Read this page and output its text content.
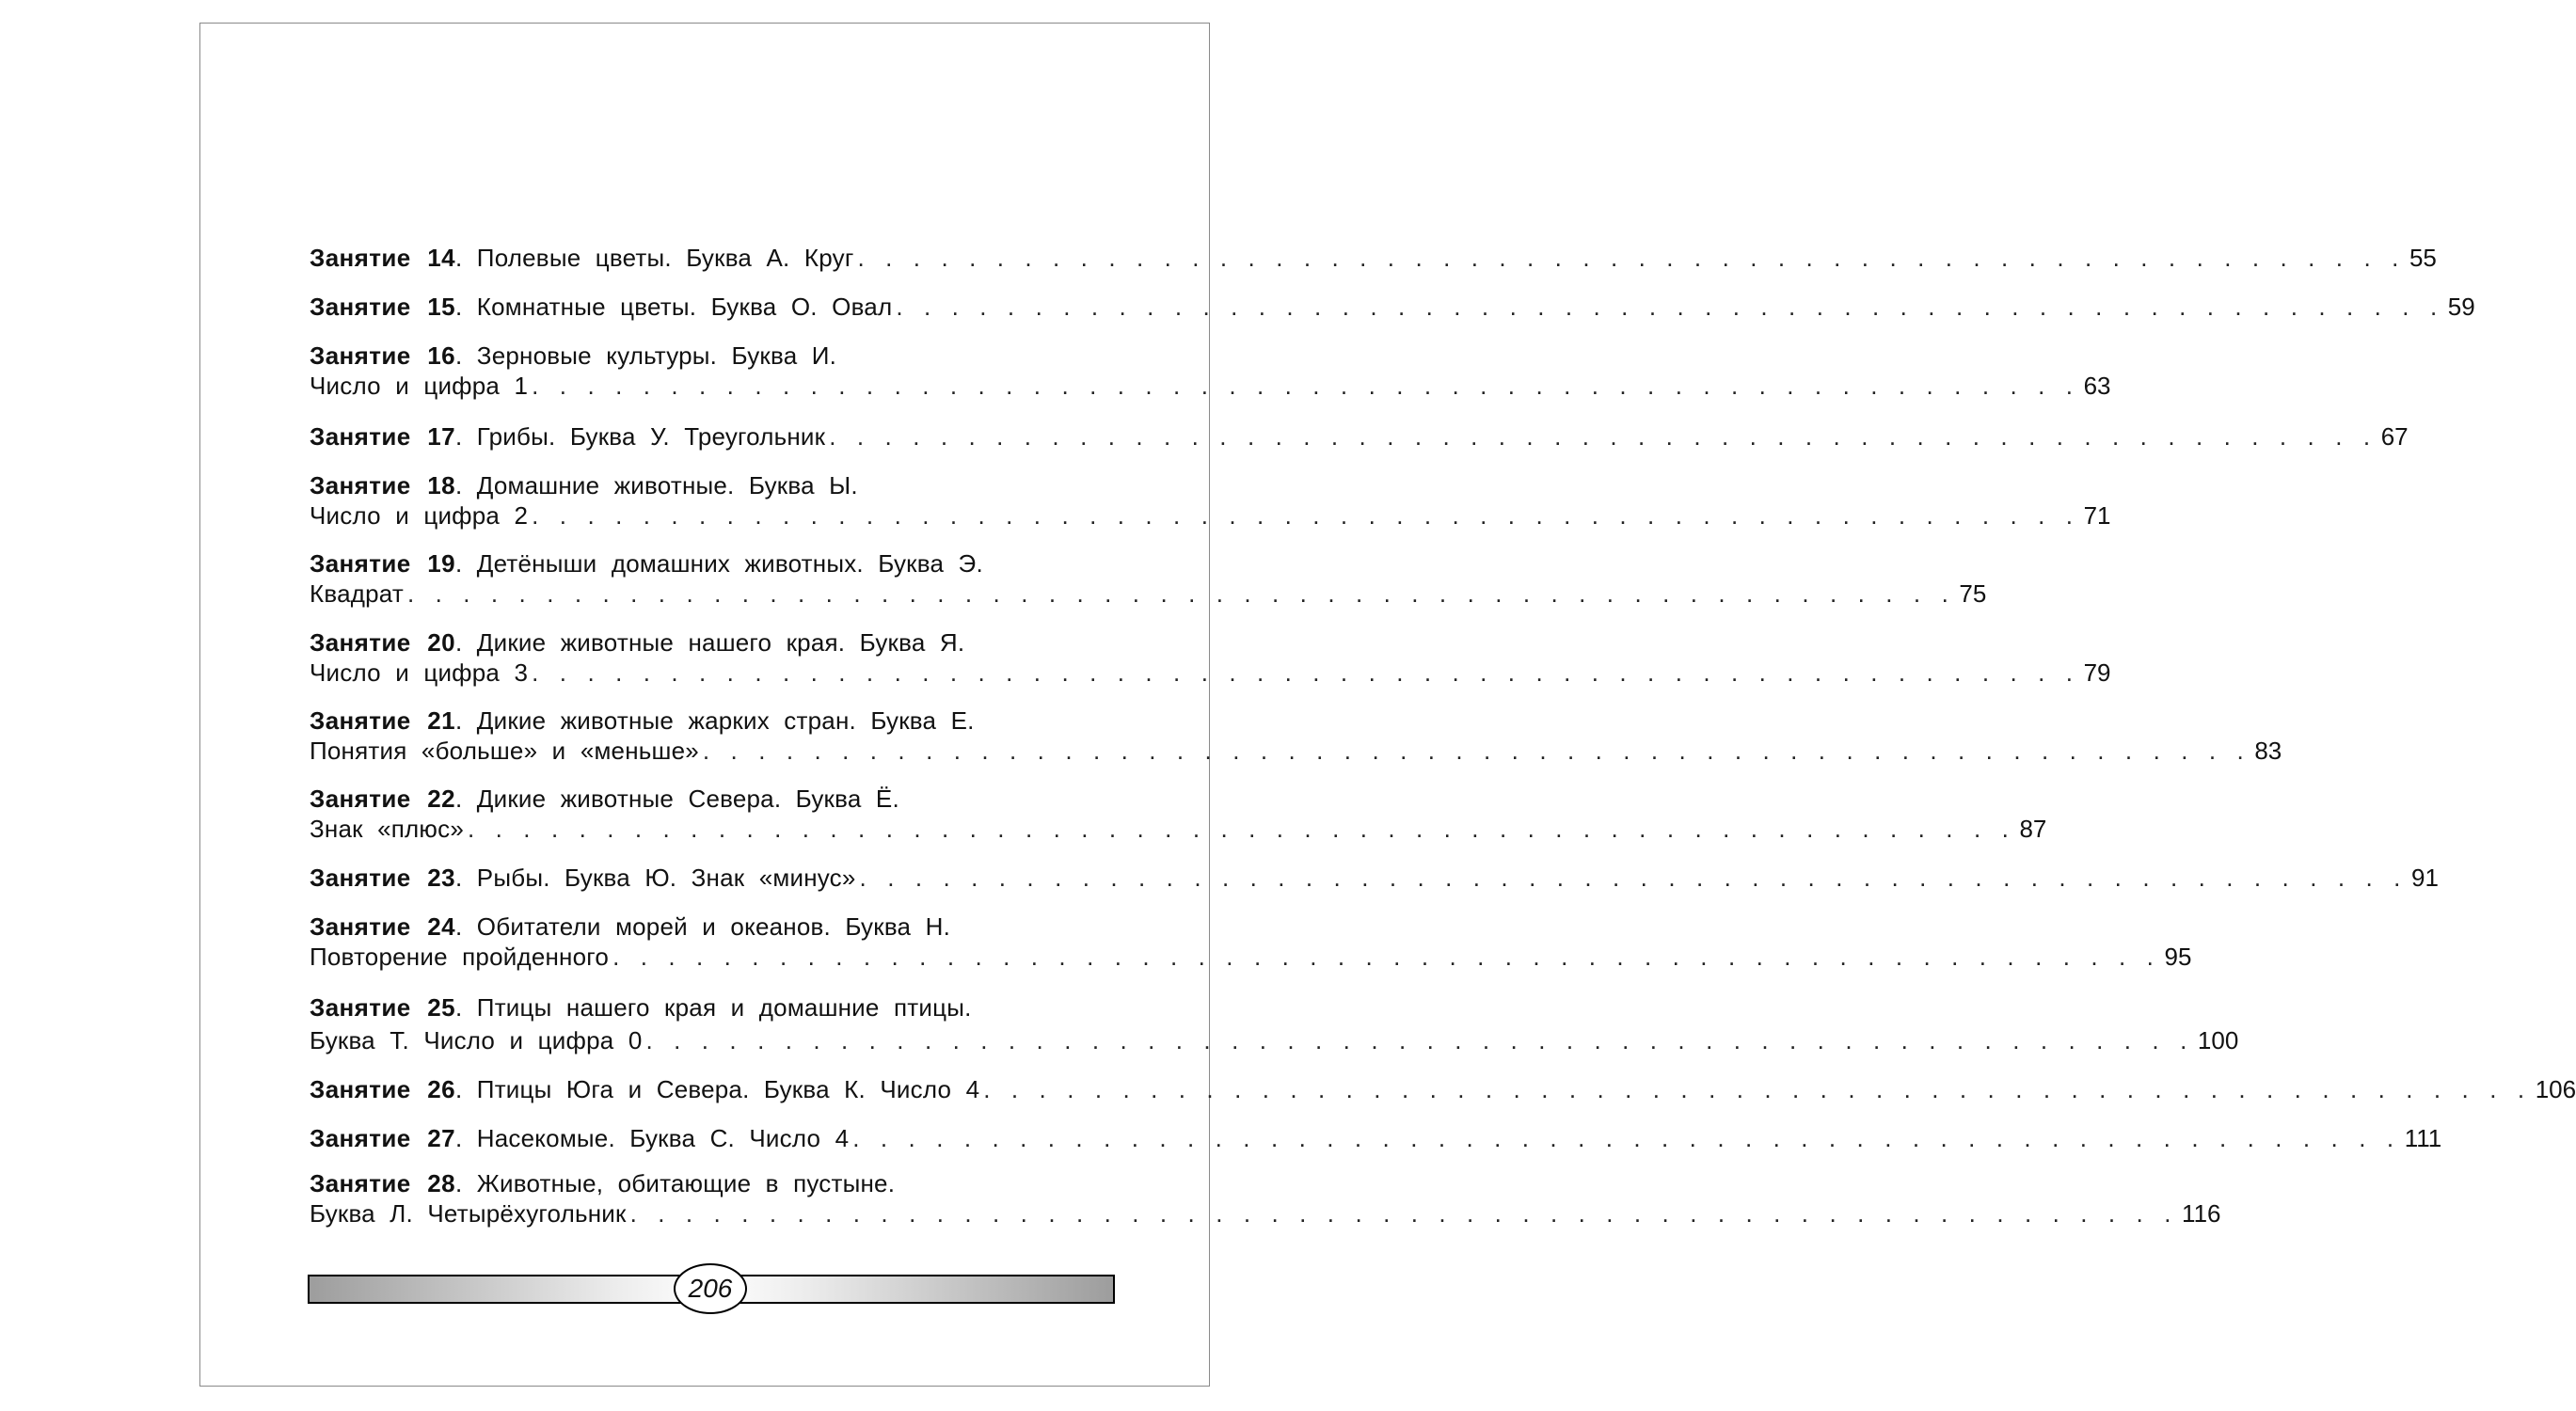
Занятие 14. Полевые цветы. Буква А. Круг . . . . . . . . . . . . . . . . . . . . . . . . . . . . . . . . . . . . . . . . . . . . . . . . . . . . . . . . 55
Занятие 15. Комнатные цветы. Буква О. Овал . . . . . . . . . . . . . . . . . . . . . . . . . . . . . . . . . . . . . . . . . . . . . . . . . . . . . . . . 59
Занятие 16. Зерновые культуры. Буква И.
Число и цифра 1 . . . . . . . . . . . . . . . . . . . . . . . . . . . . . . . . . . . . . . . . . . . . . . . . . . . . . . . . 63
Занятие 17. Грибы. Буква У. Треугольник . . . . . . . . . . . . . . . . . . . . . . . . . . . . . . . . . . . . . . . . . . . . . . . . . . . . . . . . 67
Занятие 18. Домашние животные. Буква Ы.
Число и цифра 2 . . . . . . . . . . . . . . . . . . . . . . . . . . . . . . . . . . . . . . . . . . . . . . . . . . . . . . . . 71
Занятие 19. Детёныши домашних животных. Буква Э.
Квадрат . . . . . . . . . . . . . . . . . . . . . . . . . . . . . . . . . . . . . . . . . . . . . . . . . . . . . . . . 75
Занятие 20. Дикие животные нашего края. Буква Я.
Число и цифра 3 . . . . . . . . . . . . . . . . . . . . . . . . . . . . . . . . . . . . . . . . . . . . . . . . . . . . . . . . 79
Занятие 21. Дикие животные жарких стран. Буква Е.
Понятия «больше» и «меньше» . . . . . . . . . . . . . . . . . . . . . . . . . . . . . . . . . . . . . . . . . . . . . . . . . . . . . . . . 83
Занятие 22. Дикие животные Севера. Буква Ё.
Знак «плюс» . . . . . . . . . . . . . . . . . . . . . . . . . . . . . . . . . . . . . . . . . . . . . . . . . . . . . . . . 87
Занятие 23. Рыбы. Буква Ю. Знак «минус» . . . . . . . . . . . . . . . . . . . . . . . . . . . . . . . . . . . . . . . . . . . . . . . . . . . . . . . . 91
Занятие 24. Обитатели морей и океанов. Буква Н.
Повторение пройденного . . . . . . . . . . . . . . . . . . . . . . . . . . . . . . . . . . . . . . . . . . . . . . . . . . . . . . . . 95
Занятие 25. Птицы нашего края и домашние птицы.
Буква Т. Число и цифра 0 . . . . . . . . . . . . . . . . . . . . . . . . . . . . . . . . . . . . . . . . . . . . . . . . . . . . . . . . 100
Занятие 26. Птицы Юга и Севера. Буква К. Число 4 . . . . . . . . . . . . . . . . . . . . . . . . . . . . . . . . . . . . . . . . . . . . . . . . . . . . . . . . 106
Занятие 27. Насекомые. Буква С. Число 4 . . . . . . . . . . . . . . . . . . . . . . . . . . . . . . . . . . . . . . . . . . . . . . . . . . . . . . . . 111
Занятие 28. Животные, обитающие в пустыне.
Буква Л. Четырёхугольник . . . . . . . . . . . . . . . . . . . . . . . . . . . . . . . . . . . . . . . . . . . . . . . . . . . . . . . . 116
206
